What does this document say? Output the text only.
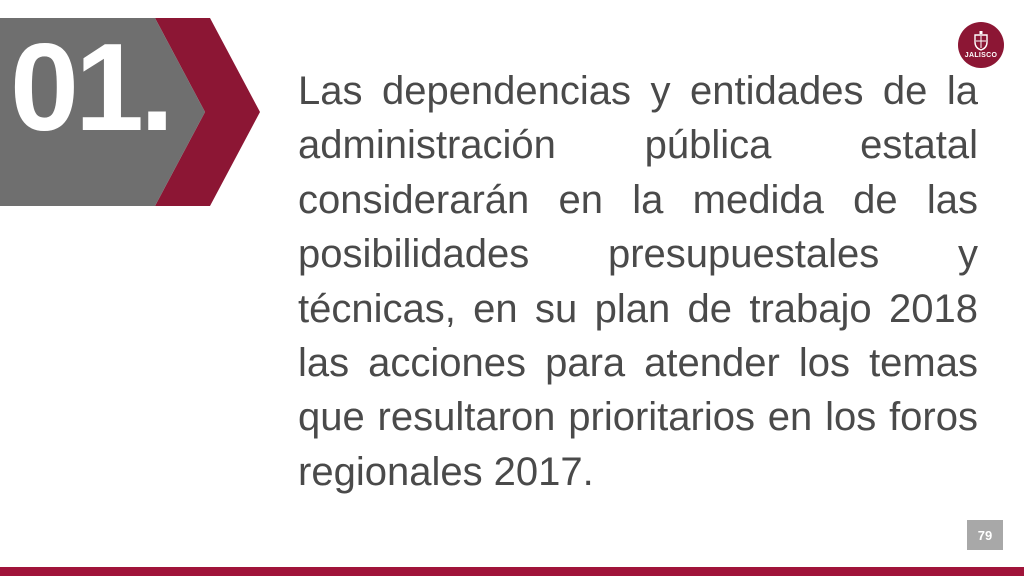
01.	Las dependencias y entidades de la administración pública estatal considerarán en la medida de las posibilidades presupuestales y técnicas, en su plan de trabajo 2018 las acciones para atender los temas que resultaron prioritarios en los foros regionales 2017.

JALISCO
79
